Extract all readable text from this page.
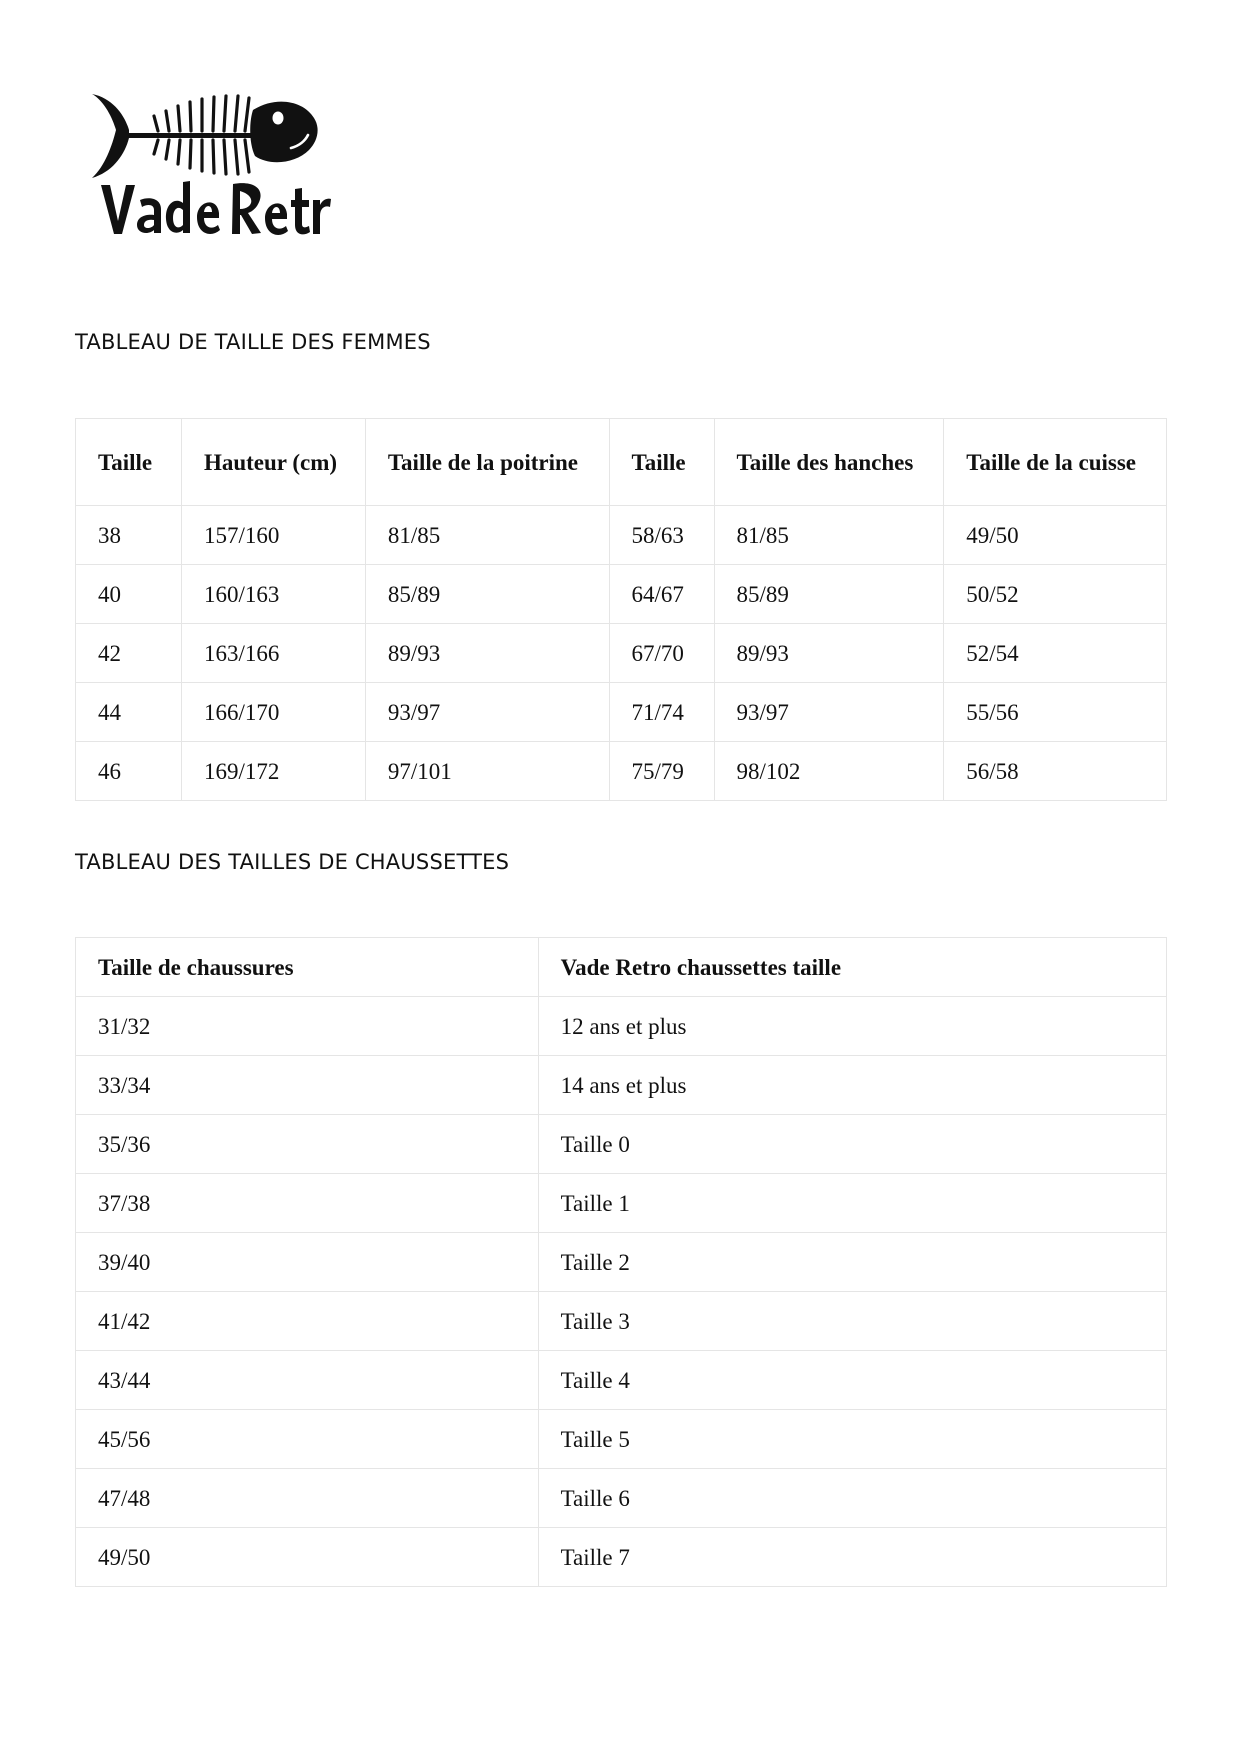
TABLEAU DE TAILLE DES FEMMES
Taille	Hauteur (cm)	Taille de la poitrine	Taille	Taille des hanches	Taille de la cuisse
38	157/160	81/85	58/63	81/85	49/50
40	160/163	85/89	64/67	85/89	50/52
42	163/166	89/93	67/70	89/93	52/54
44	166/170	93/97	71/74	93/97	55/56
46	169/172	97/101	75/79	98/102	56/58
TABLEAU DES TAILLES DE CHAUSSETTES
Taille de chaussures	Vade Retro chaussettes taille
31/32	12 ans et plus
33/34	14 ans et plus
35/36	Taille 0
37/38	Taille 1
39/40	Taille 2
41/42	Taille 3
43/44	Taille 4
45/56	Taille 5
47/48	Taille 6
49/50	Taille 7
